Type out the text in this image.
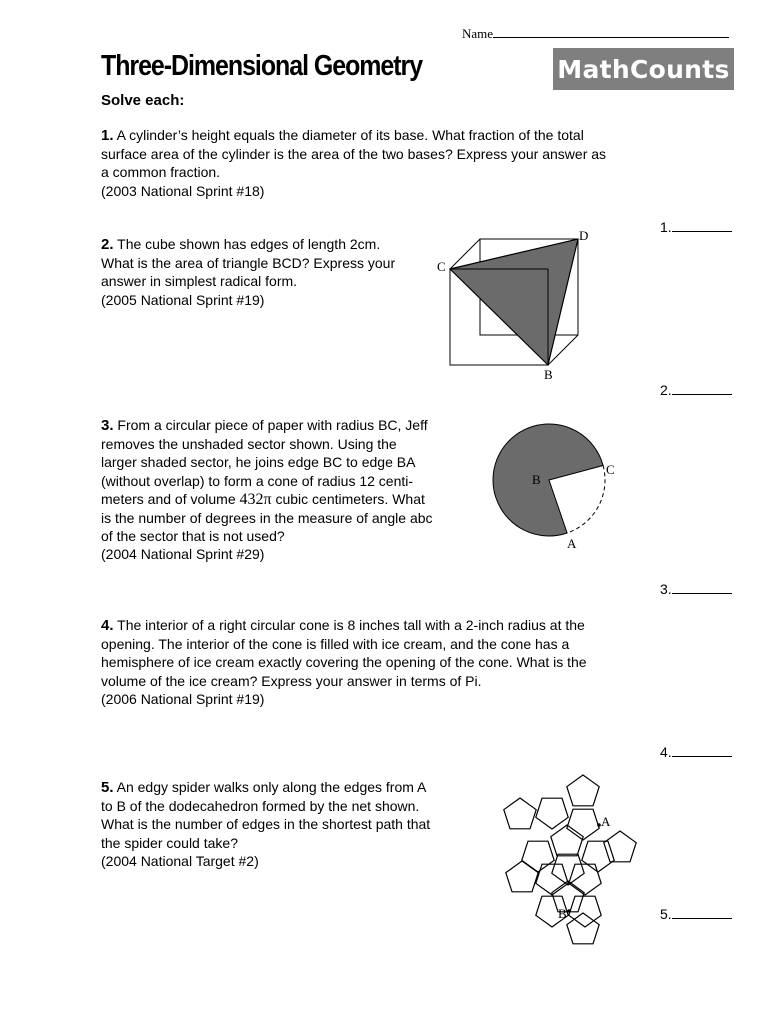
Name
Three-Dimensional Geometry	MathCounts
Solve each:

1. A cylinder’s height equals the diameter of its base. What fraction of the total

surface area of the cylinder is the area of the two bases? Express your answer as

a common fraction.

(2003 National Sprint #18)

2. The cube shown has edges of length 2cm.

What is the area of triangle BCD? Express your

answer in simplest radical form.

(2005 National Sprint #19)

C
D
B

3. From a circular piece of paper with radius BC, Jeff

removes the unshaded sector shown. Using the

larger shaded sector, he joins edge BC to edge BA

(without overlap) to form a cone of radius 12 centi-

meters and of volume 432π cubic centimeters. What

is the number of degrees in the measure of angle abc

of the sector that is not used?

(2004 National Sprint #29)

B
C
A

4. The interior of a right circular cone is 8 inches tall with a 2-inch radius at the

opening. The interior of the cone is filled with ice cream, and the cone has a

hemisphere of ice cream exactly covering the opening of the cone. What is the

volume of the ice cream? Express your answer in terms of Pi.

(2006 National Sprint #19)

5. An edgy spider walks only along the edges from A

to B of the dodecahedron formed by the net shown.

What is the number of edges in the shortest path that

the spider could take?

(2004 National Target #2)

A
B
1.
2.
3.
4.
5.
